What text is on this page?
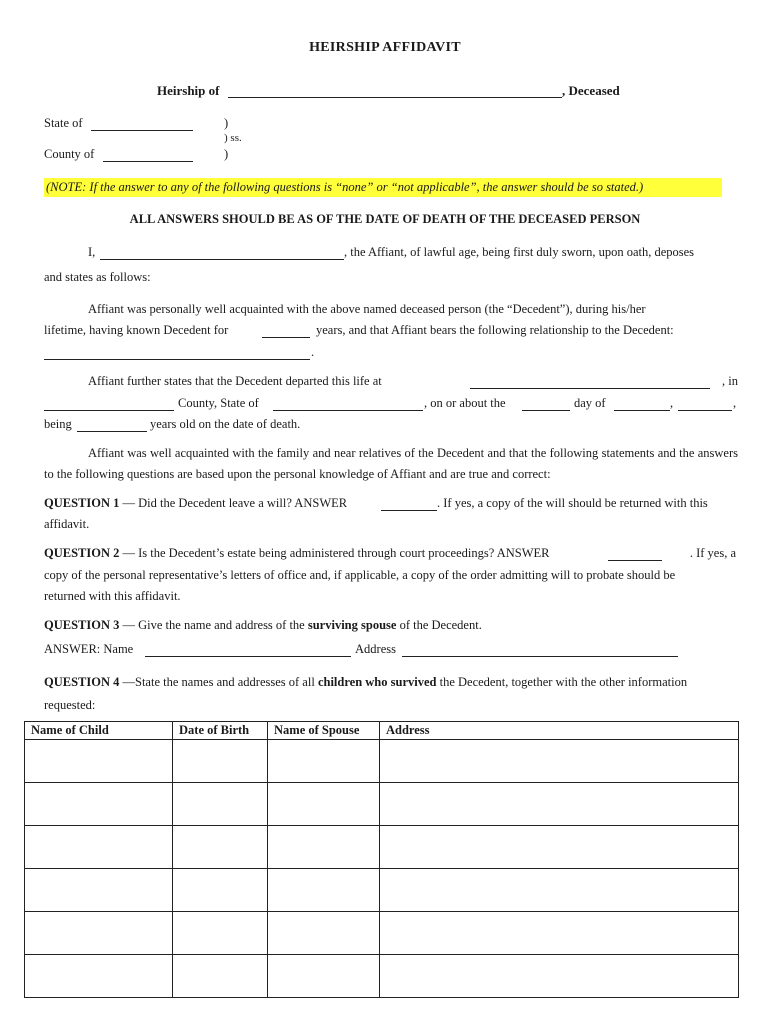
HEIRSHIP AFFIDAVIT
Heirship of	, Deceased
State of	)
) ss.
County of	)
(NOTE: If the answer to any of the following questions is “none” or “not applicable”, the answer should be so stated.)
ALL ANSWERS SHOULD BE AS OF THE DATE OF DEATH OF THE DECEASED PERSON
I,	, the Affiant, of lawful age, being first duly sworn, upon oath, deposes
and states as follows:
Affiant was personally well acquainted with the above named deceased person (the “Decedent”), during his/her
lifetime, having known Decedent for	years, and that Affiant bears the following relationship to the Decedent:
.
Affiant further states that the Decedent departed this life at	, in
County, State of	, on or about the	day of	,	,
being	years old on the date of death.
Affiant was well acquainted with the family and near relatives of the Decedent and that the following statements and the answers to the following questions are based upon the personal knowledge of Affiant and are true and correct:
QUESTION 1 — Did the Decedent leave a will? ANSWER	. If yes, a copy of the will should be returned with this
affidavit.
QUESTION 2 — Is the Decedent’s estate being administered through court proceedings? ANSWER	. If yes, a
copy of the personal representative’s letters of office and, if applicable, a copy of the order admitting will to probate should be
returned with this affidavit.
QUESTION 3 — Give the name and address of the surviving spouse of the Decedent.
ANSWER: Name	Address
QUESTION 4 —State the names and addresses of all children who survived the Decedent, together with the other information
requested:
Name of Child	Date of Birth	Name of Spouse	Address
